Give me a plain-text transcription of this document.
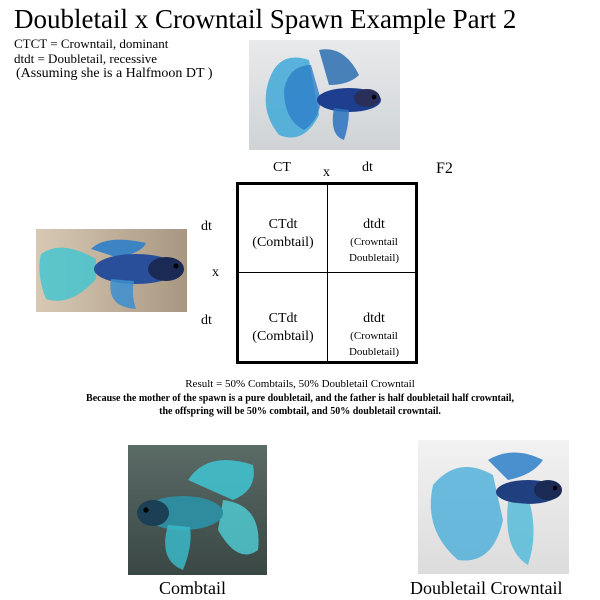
Doubletail x Crowntail Spawn Example Part 2
CTCT = Crowntail, dominant
dtdt = Doubletail, recessive
(Assuming she is a Halfmoon DT )
CT x dt	F2
dt
x
dt
CTdt
(Combtail)
dtdt
(Crowntail Doubletail)
CTdt
(Combtail)
dtdt
(Crowntail Doubletail)
Result = 50% Combtails, 50% Doubletail Crowntail
Because the mother of the spawn is a pure doubletail, and the father is half doubletail half crowntail,
the offspring will be 50% combtail, and 50% doubletail crowntail.
Combtail	Doubletail Crowntail
